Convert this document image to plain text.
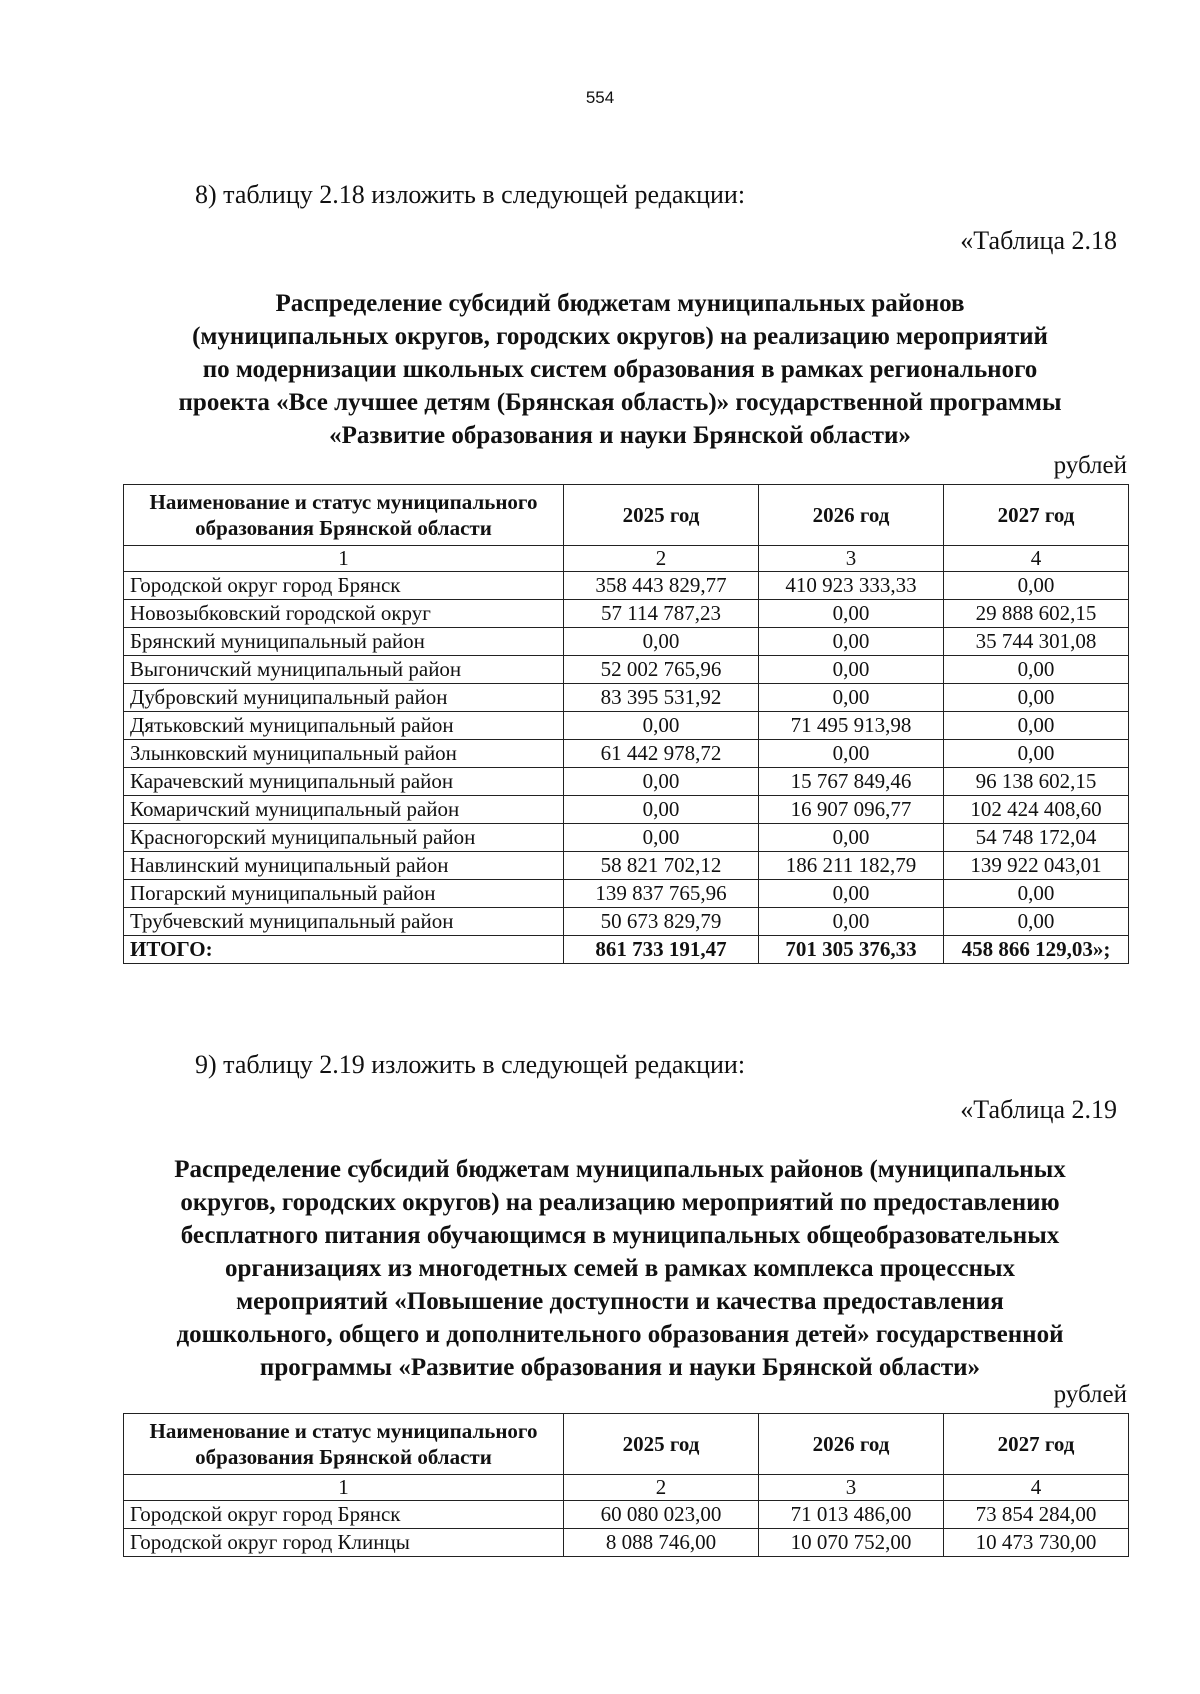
554
8) таблицу 2.18 изложить в следующей редакции:
«Таблица 2.18
Распределение субсидий бюджетам муниципальных районов
(муниципальных округов, городских округов) на реализацию мероприятий
по модернизации школьных систем образования в рамках регионального
проекта «Все лучшее детям (Брянская область)» государственной программы
«Развитие образования и науки Брянской области»
рублей
Наименование и статус муниципального образования Брянской области	2025 год	2026 год	2027 год
1	2	3	4
Городской округ город Брянск	358 443 829,77	410 923 333,33	0,00
Новозыбковский городской округ	57 114 787,23	0,00	29 888 602,15
Брянский муниципальный район	0,00	0,00	35 744 301,08
Выгоничский муниципальный район	52 002 765,96	0,00	0,00
Дубровский муниципальный район	83 395 531,92	0,00	0,00
Дятьковский муниципальный район	0,00	71 495 913,98	0,00
Злынковский муниципальный район	61 442 978,72	0,00	0,00
Карачевский муниципальный район	0,00	15 767 849,46	96 138 602,15
Комаричский муниципальный район	0,00	16 907 096,77	102 424 408,60
Красногорский муниципальный район	0,00	0,00	54 748 172,04
Навлинский муниципальный район	58 821 702,12	186 211 182,79	139 922 043,01
Погарский муниципальный район	139 837 765,96	0,00	0,00
Трубчевский муниципальный район	50 673 829,79	0,00	0,00
ИТОГО:	861 733 191,47	701 305 376,33	458 866 129,03»;
9) таблицу 2.19 изложить в следующей редакции:
«Таблица 2.19
Распределение субсидий бюджетам муниципальных районов (муниципальных
округов, городских округов) на реализацию мероприятий по предоставлению
бесплатного питания обучающимся в муниципальных общеобразовательных
организациях из многодетных семей в рамках комплекса процессных
мероприятий «Повышение доступности и качества предоставления
дошкольного, общего и дополнительного образования детей» государственной
программы «Развитие образования и науки Брянской области»
рублей
Наименование и статус муниципального образования Брянской области	2025 год	2026 год	2027 год
1	2	3	4
Городской округ город Брянск	60 080 023,00	71 013 486,00	73 854 284,00
Городской округ город Клинцы	8 088 746,00	10 070 752,00	10 473 730,00
